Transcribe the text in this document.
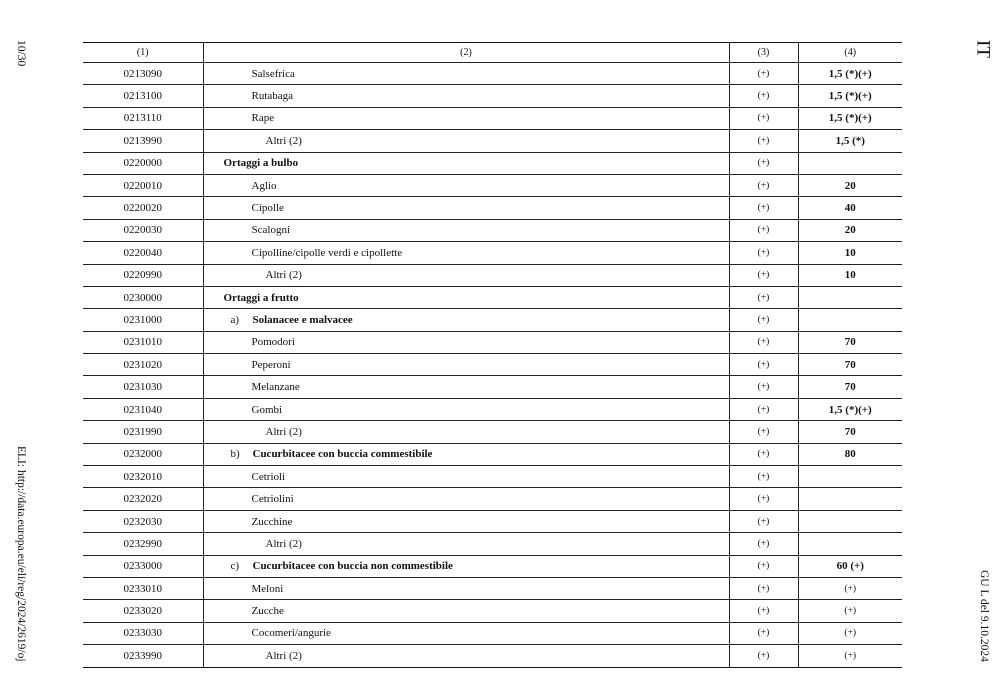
10/30
ELI: http://data.europa.eu/eli/reg/2024/2619/oj
IT
GU L del 9.10.2024
(1)	(2)	(3)	(4)
0213090	Salsefrica	(+)	1,5 (*)(+)
0213100	Rutabaga	(+)	1,5 (*)(+)
0213110	Rape	(+)	1,5 (*)(+)
0213990	Altri (2)	(+)	1,5 (*)
0220000	Ortaggi a bulbo	(+)	
0220010	Aglio	(+)	20
0220020	Cipolle	(+)	40
0220030	Scalogni	(+)	20
0220040	Cipolline/cipolle verdi e cipollette	(+)	10
0220990	Altri (2)	(+)	10
0230000	Ortaggi a frutto	(+)	
0231000	a) Solanacee e malvacee	(+)	
0231010	Pomodori	(+)	70
0231020	Peperoni	(+)	70
0231030	Melanzane	(+)	70
0231040	Gombi	(+)	1,5 (*)(+)
0231990	Altri (2)	(+)	70
0232000	b) Cucurbitacee con buccia commestibile	(+)	80
0232010	Cetrioli	(+)	
0232020	Cetriolini	(+)	
0232030	Zucchine	(+)	
0232990	Altri (2)	(+)	
0233000	c) Cucurbitacee con buccia non commestibile	(+)	60 (+)
0233010	Meloni	(+)	(+)
0233020	Zucche	(+)	(+)
0233030	Cocomeri/angurie	(+)	(+)
0233990	Altri (2)	(+)	(+)
